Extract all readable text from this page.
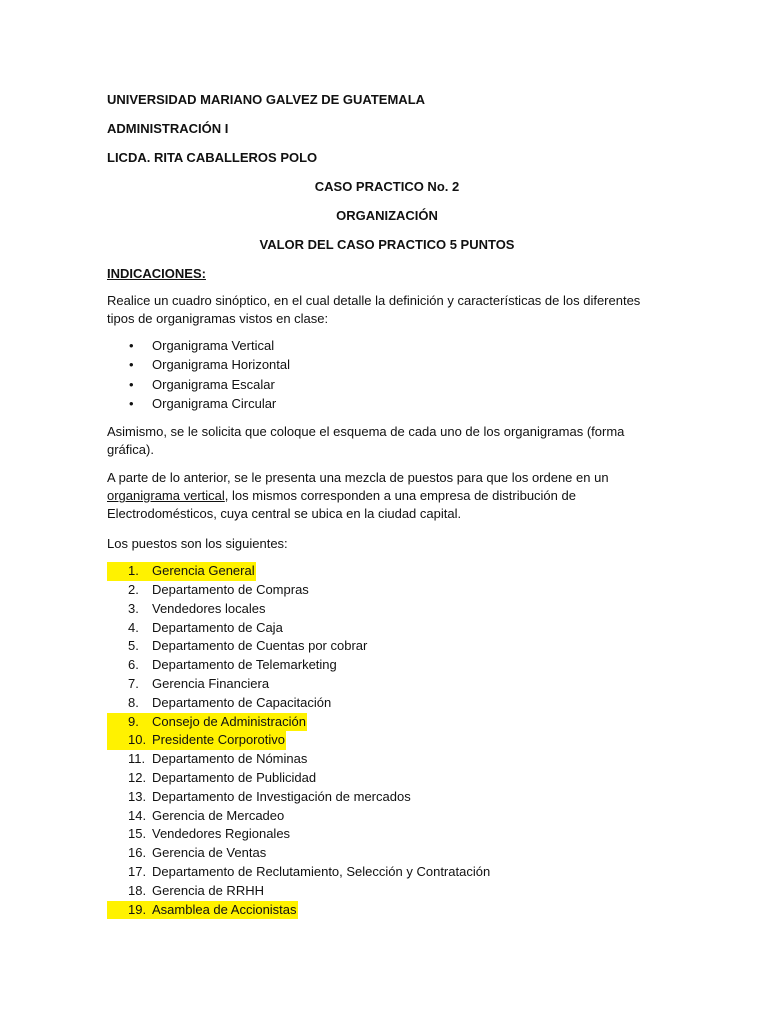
UNIVERSIDAD MARIANO GALVEZ DE GUATEMALA
ADMINISTRACIÓN I
LICDA. RITA CABALLEROS POLO
CASO PRACTICO No. 2
ORGANIZACIÓN
VALOR DEL CASO PRACTICO 5 PUNTOS
INDICACIONES:
Realice un cuadro sinóptico, en el cual detalle la definición y características de los diferentes tipos de organigramas vistos en clase:
• Organigrama Vertical
• Organigrama Horizontal
• Organigrama Escalar
• Organigrama Circular
Asimismo, se le solicita que coloque el esquema de cada uno de los organigramas (forma gráfica).
A parte de lo anterior, se le presenta una mezcla de puestos para que los ordene en un organigrama vertical, los mismos corresponden a una empresa de distribución de Electrodomésticos, cuya central se ubica en la ciudad capital.
Los puestos son los siguientes:
1. Gerencia General
2. Departamento de Compras
3. Vendedores locales
4. Departamento de Caja
5. Departamento de Cuentas por cobrar
6. Departamento de Telemarketing
7. Gerencia Financiera
8. Departamento de Capacitación
9. Consejo de Administración
10. Presidente Corporotivo
11. Departamento de Nóminas
12. Departamento de Publicidad
13. Departamento de Investigación de mercados
14. Gerencia de Mercadeo
15. Vendedores Regionales
16. Gerencia de Ventas
17. Departamento de Reclutamiento, Selección y Contratación
18. Gerencia de RRHH
19. Asamblea de Accionistas
